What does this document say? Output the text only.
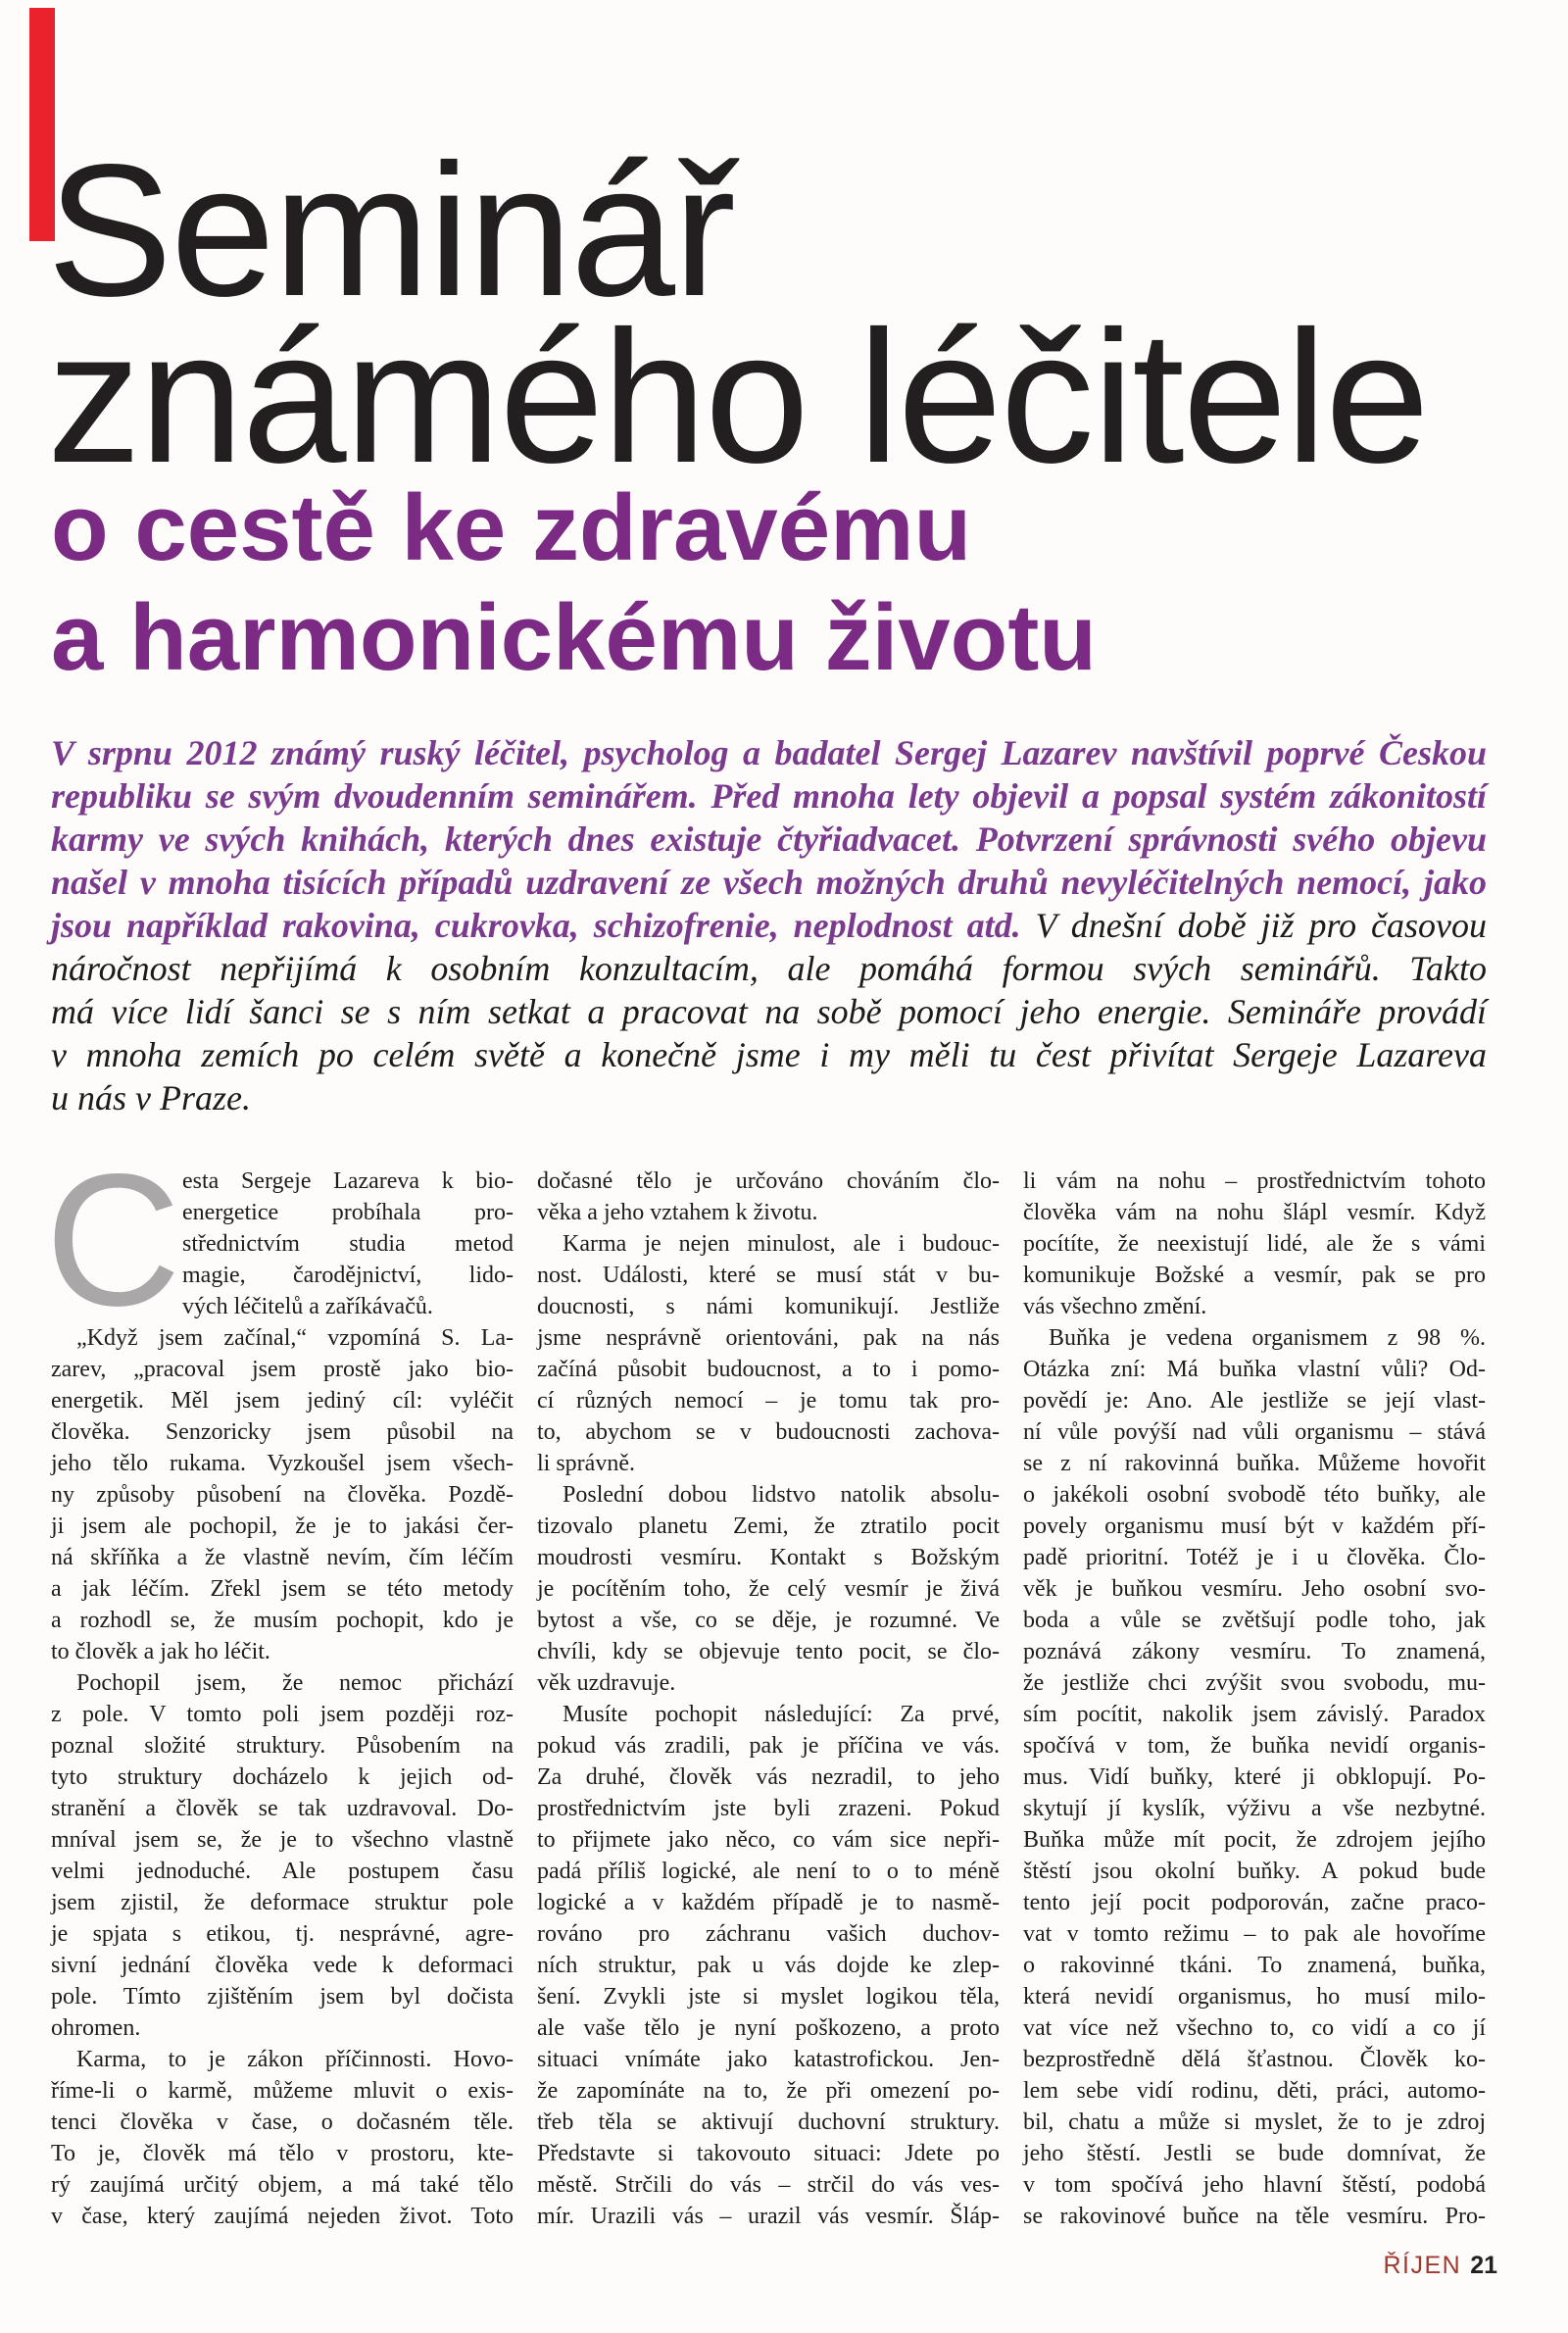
Seminář
známého léčitele
o cestě ke zdravému
a harmonickému životu
V srpnu 2012 známý ruský léčitel, psycholog a badatel Sergej Lazarev navštívil poprvé Českou
republiku se svým dvoudenním seminářem. Před mnoha lety objevil a popsal systém zákonitostí
karmy ve svých knihách, kterých dnes existuje čtyřiadvacet. Potvrzení správnosti svého objevu
našel v mnoha tisících případů uzdravení ze všech možných druhů nevyléčitelných nemocí, jako
jsou například rakovina, cukrovka, schizofrenie, neplodnost atd. V dnešní době již pro časovou
náročnost nepřijímá k osobním konzultacím, ale pomáhá formou svých seminářů. Takto
má více lidí šanci se s ním setkat a pracovat na sobě pomocí jeho energie. Semináře provádí
v mnoha zemích po celém světě a konečně jsme i my měli tu čest přivítat Sergeje Lazareva
u nás v Praze.
C esta Sergeje Lazareva k bio-
energetice probíhala pro-
střednictvím studia metod
magie, čarodějnictví, lido-
vých léčitelů a zaříkávačů.
„Když jsem začínal,“ vzpomíná S. La-
zarev, „pracoval jsem prostě jako bio-
energetik. Měl jsem jediný cíl: vyléčit
člověka. Senzoricky jsem působil na
jeho tělo rukama. Vyzkoušel jsem všech-
ny způsoby působení na člověka. Pozdě-
ji jsem ale pochopil, že je to jakási čer-
ná skříňka a že vlastně nevím, čím léčím
a jak léčím. Zřekl jsem se této metody
a rozhodl se, že musím pochopit, kdo je
to člověk a jak ho léčit.
Pochopil jsem, že nemoc přichází
z pole. V tomto poli jsem později roz-
poznal složité struktury. Působením na
tyto struktury docházelo k jejich od-
stranění a člověk se tak uzdravoval. Do-
mníval jsem se, že je to všechno vlastně
velmi jednoduché. Ale postupem času
jsem zjistil, že deformace struktur pole
je spjata s etikou, tj. nesprávné, agre-
sivní jednání člověka vede k deformaci
pole. Tímto zjištěním jsem byl dočista
ohromen.
Karma, to je zákon příčinnosti. Hovo-
říme-li o karmě, můžeme mluvit o exis-
tenci člověka v čase, o dočasném těle.
To je, člověk má tělo v prostoru, kte-
rý zaujímá určitý objem, a má také tělo
v čase, který zaujímá nejeden život. Toto
dočasné tělo je určováno chováním člo-
věka a jeho vztahem k životu.
Karma je nejen minulost, ale i budouc-
nost. Události, které se musí stát v bu-
doucnosti, s námi komunikují. Jestliže
jsme nesprávně orientováni, pak na nás
začíná působit budoucnost, a to i pomo-
cí různých nemocí – je tomu tak pro-
to, abychom se v budoucnosti zachova-
li správně.
Poslední dobou lidstvo natolik absolu-
tizovalo planetu Zemi, že ztratilo pocit
moudrosti vesmíru. Kontakt s Božským
je pocítěním toho, že celý vesmír je živá
bytost a vše, co se děje, je rozumné. Ve
chvíli, kdy se objevuje tento pocit, se člo-
věk uzdravuje.
Musíte pochopit následující: Za prvé,
pokud vás zradili, pak je příčina ve vás.
Za druhé, člověk vás nezradil, to jeho
prostřednictvím jste byli zrazeni. Pokud
to přijmete jako něco, co vám sice nepři-
padá příliš logické, ale není to o to méně
logické a v každém případě je to nasmě-
rováno pro záchranu vašich duchov-
ních struktur, pak u vás dojde ke zlep-
šení. Zvykli jste si myslet logikou těla,
ale vaše tělo je nyní poškozeno, a proto
situaci vnímáte jako katastrofickou. Jen-
že zapomínáte na to, že při omezení po-
třeb těla se aktivují duchovní struktury.
Představte si takovouto situaci: Jdete po
městě. Strčili do vás – strčil do vás ves-
mír. Urazili vás – urazil vás vesmír. Šláp-
li vám na nohu – prostřednictvím tohoto
člověka vám na nohu šlápl vesmír. Když
pocítíte, že neexistují lidé, ale že s vámi
komunikuje Božské a vesmír, pak se pro
vás všechno změní.
Buňka je vedena organismem z 98 %.
Otázka zní: Má buňka vlastní vůli? Od-
povědí je: Ano. Ale jestliže se její vlast-
ní vůle povýší nad vůli organismu – stává
se z ní rakovinná buňka. Můžeme hovořit
o jakékoli osobní svobodě této buňky, ale
povely organismu musí být v každém pří-
padě prioritní. Totéž je i u člověka. Člo-
věk je buňkou vesmíru. Jeho osobní svo-
boda a vůle se zvětšují podle toho, jak
poznává zákony vesmíru. To znamená,
že jestliže chci zvýšit svou svobodu, mu-
sím pocítit, nakolik jsem závislý. Paradox
spočívá v tom, že buňka nevidí organis-
mus. Vidí buňky, které ji obklopují. Po-
skytují jí kyslík, výživu a vše nezbytné.
Buňka může mít pocit, že zdrojem jejího
štěstí jsou okolní buňky. A pokud bude
tento její pocit podporován, začne praco-
vat v tomto režimu – to pak ale hovoříme
o rakovinné tkáni. To znamená, buňka,
která nevidí organismus, ho musí milo-
vat více než všechno to, co vidí a co jí
bezprostředně dělá šťastnou. Člověk ko-
lem sebe vidí rodinu, děti, práci, automo-
bil, chatu a může si myslet, že to je zdroj
jeho štěstí. Jestli se bude domnívat, že
v tom spočívá jeho hlavní štěstí, podobá
se rakovinové buňce na těle vesmíru. Pro-
ŘÍJEN 21
